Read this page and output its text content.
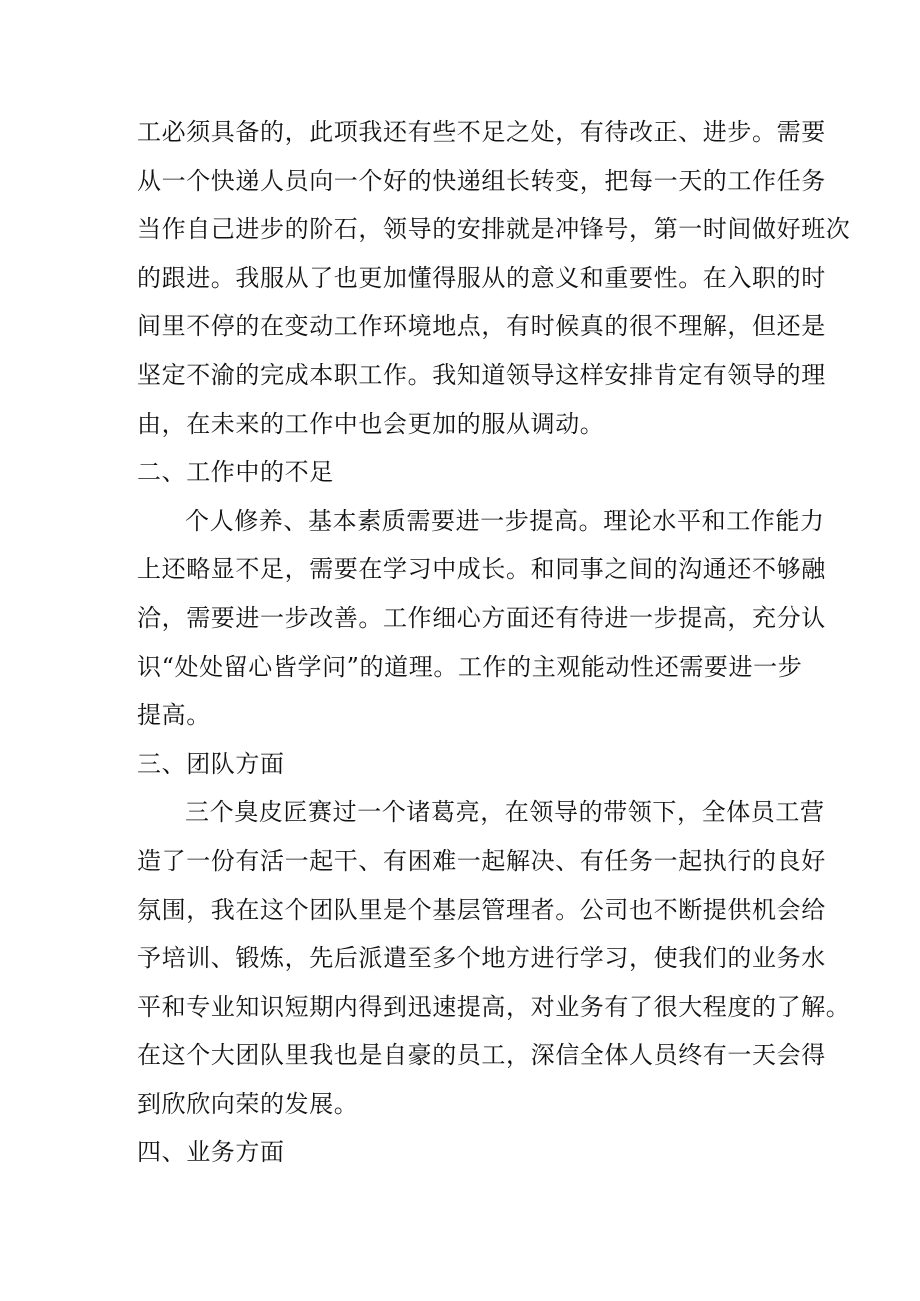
工必须具备的，此项我还有些不足之处，有待改正、进步。需要
从一个快递人员向一个好的快递组长转变，把每一天的工作任务
当作自己进步的阶石，领导的安排就是冲锋号，第一时间做好班次
的跟进。我服从了也更加懂得服从的意义和重要性。在入职的时
间里不停的在变动工作环境地点，有时候真的很不理解，但还是
坚定不渝的完成本职工作。我知道领导这样安排肯定有领导的理
由，在未来的工作中也会更加的服从调动。
二、工作中的不足
个人修养、基本素质需要进一步提高。理论水平和工作能力
上还略显不足，需要在学习中成长。和同事之间的沟通还不够融
洽，需要进一步改善。工作细心方面还有待进一步提高，充分认
识“处处留心皆学问”的道理。工作的主观能动性还需要进一步
提高。
三、团队方面
三个臭皮匠赛过一个诸葛亮，在领导的带领下，全体员工营
造了一份有活一起干、有困难一起解决、有任务一起执行的良好
氛围，我在这个团队里是个基层管理者。公司也不断提供机会给
予培训、锻炼，先后派遣至多个地方进行学习，使我们的业务水
平和专业知识短期内得到迅速提高，对业务有了很大程度的了解。
在这个大团队里我也是自豪的员工，深信全体人员终有一天会得
到欣欣向荣的发展。
四、业务方面
